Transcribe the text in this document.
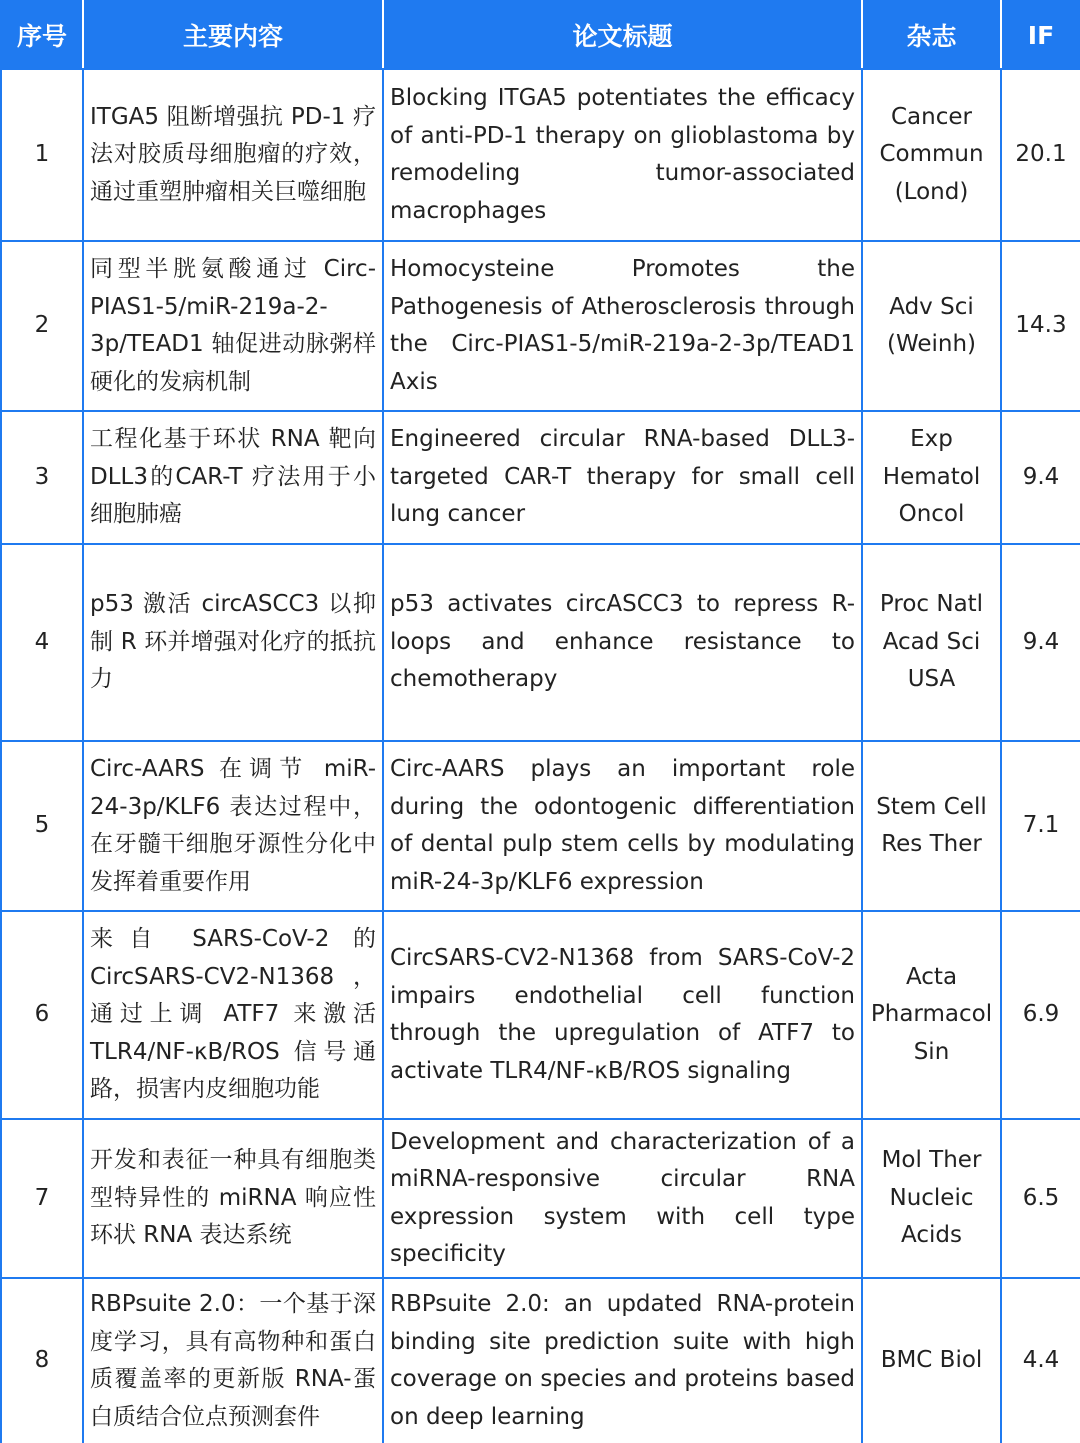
序号	主要内容	论文标题	杂志	IF
1	ITGA5 阻断增强抗 PD-1 疗法对胶质母细胞瘤的疗效，通过重塑肿瘤相关巨噬细胞	Blocking ITGA5 potentiates the efficacy of anti-PD-1 therapy on glioblastoma by remodeling tumor-associated macrophages	Cancer Commun (Lond)	20.1
2	同型半胱氨酸通过 Circ-PIAS1-5/miR-219a-2-3p/TEAD1 轴促进动脉粥样硬化的发病机制	Homocysteine Promotes the Pathogenesis of Atherosclerosis through the Circ-PIAS1-5/miR-219a-2-3p/TEAD1 Axis	Adv Sci (Weinh)	14.3
3	工程化基于环状 RNA 靶向 DLL3的CAR-T 疗法用于小细胞肺癌	Engineered circular RNA-based DLL3-targeted CAR-T therapy for small cell lung cancer	Exp Hematol Oncol	9.4
4	p53 激活 circASCC3 以抑制 R 环并增强对化疗的抵抗力	p53 activates circASCC3 to repress R-loops and enhance resistance to chemotherapy	Proc Natl Acad Sci USA	9.4
5	Circ-AARS 在调节 miR-24-3p/KLF6 表达过程中，在牙髓干细胞牙源性分化中发挥着重要作用	Circ-AARS plays an important role during the odontogenic differentiation of dental pulp stem cells by modulating miR-24-3p/KLF6 expression	Stem Cell Res Ther	7.1
6	来自 SARS-CoV-2 的 CircSARS-CV2-N1368，通过上调 ATF7 来激活 TLR4/NF-κB/ROS 信号通路，损害内皮细胞功能	CircSARS-CV2-N1368 from SARS-CoV-2 impairs endothelial cell function through the upregulation of ATF7 to activate TLR4/NF-κB/ROS signaling	Acta Pharmacol Sin	6.9
7	开发和表征一种具有细胞类型特异性的 miRNA 响应性环状 RNA 表达系统	Development and characterization of a miRNA-responsive circular RNA expression system with cell type specificity	Mol Ther Nucleic Acids	6.5
8	RBPsuite 2.0：一个基于深度学习，具有高物种和蛋白质覆盖率的更新版 RNA-蛋白质结合位点预测套件	RBPsuite 2.0: an updated RNA-protein binding site prediction suite with high coverage on species and proteins based on deep learning	BMC Biol	4.4
